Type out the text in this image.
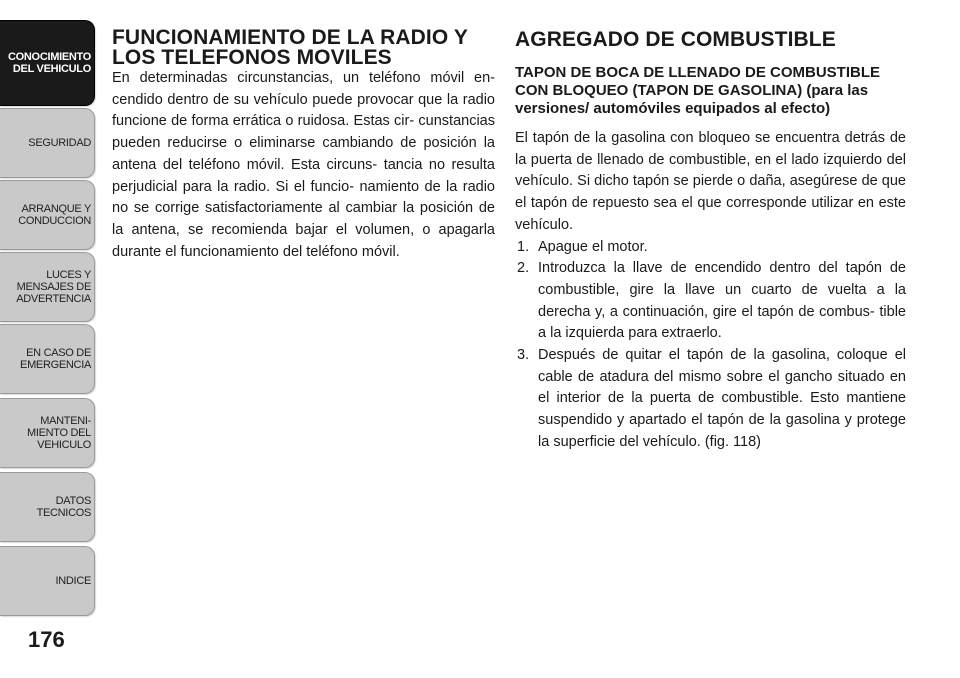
CONOCIMIENTO
DEL VEHICULO
SEGURIDAD
ARRANQUE Y
CONDUCCION
LUCES Y
MENSAJES DE
ADVERTENCIA
EN CASO DE
EMERGENCIA
MANTENI-
MIENTO DEL
VEHICULO
DATOS
TECNICOS
INDICE
176
FUNCIONAMIENTO DE LA RADIO Y
LOS TELEFONOS MOVILES

En determinadas circunstancias, un teléfono móvil en- cendido dentro de su vehículo puede provocar que la radio funcione de forma errática o ruidosa. Estas cir- cunstancias pueden reducirse o eliminarse cambiando de posición la antena del teléfono móvil. Esta circuns- tancia no resulta perjudicial para la radio. Si el funcio- namiento de la radio no se corrige satisfactoriamente al cambiar la posición de la antena, se recomienda bajar el volumen, o apagarla durante el funcionamiento del teléfono móvil.

AGREGADO DE COMBUSTIBLE
TAPON DE BOCA DE LLENADO DE COMBUSTIBLE CON BLOQUEO (TAPON DE GASOLINA) (para las versiones/ automóviles equipados al efecto)

El tapón de la gasolina con bloqueo se encuentra detrás de la puerta de llenado de combustible, en el lado izquierdo del vehículo. Si dicho tapón se pierde o daña, asegúrese de que el tapón de repuesto sea el que corresponde utilizar en este vehículo.

1. Apague el motor.
2. Introduzca la llave de encendido dentro del tapón de combustible, gire la llave un cuarto de vuelta a la derecha y, a continuación, gire el tapón de combus- tible a la izquierda para extraerlo.
3. Después de quitar el tapón de la gasolina, coloque el cable de atadura del mismo sobre el gancho situado en el interior de la puerta de combustible. Esto mantiene suspendido y apartado el tapón de la gasolina y protege la superficie del vehículo. (fig. 118)
